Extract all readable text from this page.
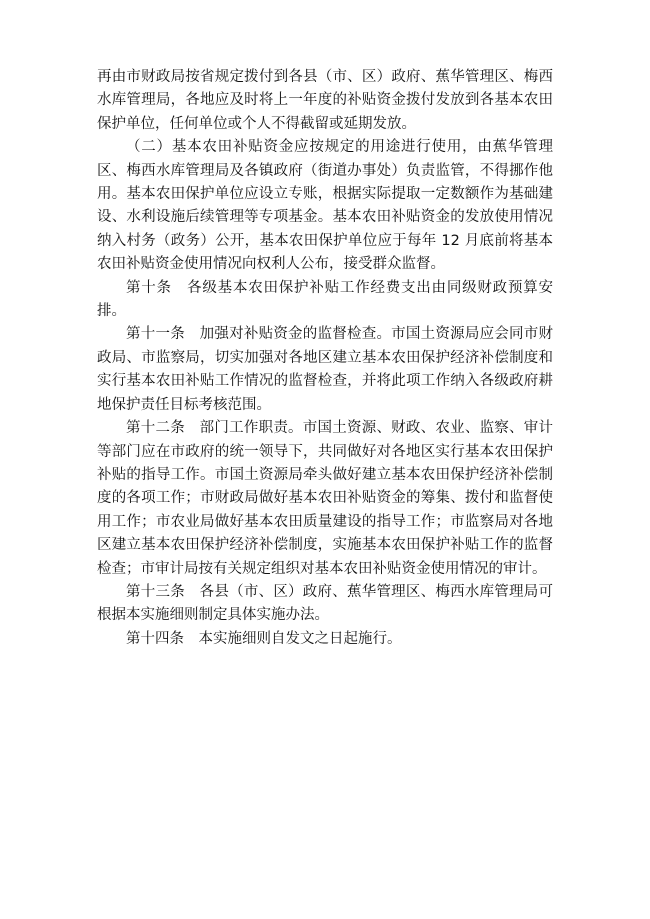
再由市财政局按省规定拨付到各县（市、区）政府、蕉华管理区、梅西水库管理局，各地应及时将上一年度的补贴资金拨付发放到各基本农田保护单位，任何单位或个人不得截留或延期发放。

（二）基本农田补贴资金应按规定的用途进行使用，由蕉华管理区、梅西水库管理局及各镇政府（街道办事处）负责监管，不得挪作他用。基本农田保护单位应设立专账，根据实际提取一定数额作为基础建设、水利设施后续管理等专项基金。基本农田补贴资金的发放使用情况纳入村务（政务）公开，基本农田保护单位应于每年 12 月底前将基本农田补贴资金使用情况向权利人公布，接受群众监督。

第十条　各级基本农田保护补贴工作经费支出由同级财政预算安排。

第十一条　加强对补贴资金的监督检查。市国土资源局应会同市财政局、市监察局，切实加强对各地区建立基本农田保护经济补偿制度和实行基本农田补贴工作情况的监督检查，并将此项工作纳入各级政府耕地保护责任目标考核范围。

第十二条　部门工作职责。市国土资源、财政、农业、监察、审计等部门应在市政府的统一领导下，共同做好对各地区实行基本农田保护补贴的指导工作。市国土资源局牵头做好建立基本农田保护经济补偿制度的各项工作；市财政局做好基本农田补贴资金的筹集、拨付和监督使用工作；市农业局做好基本农田质量建设的指导工作；市监察局对各地区建立基本农田保护经济补偿制度，实施基本农田保护补贴工作的监督检查；市审计局按有关规定组织对基本农田补贴资金使用情况的审计。

第十三条　各县（市、区）政府、蕉华管理区、梅西水库管理局可根据本实施细则制定具体实施办法。

第十四条　本实施细则自发文之日起施行。
